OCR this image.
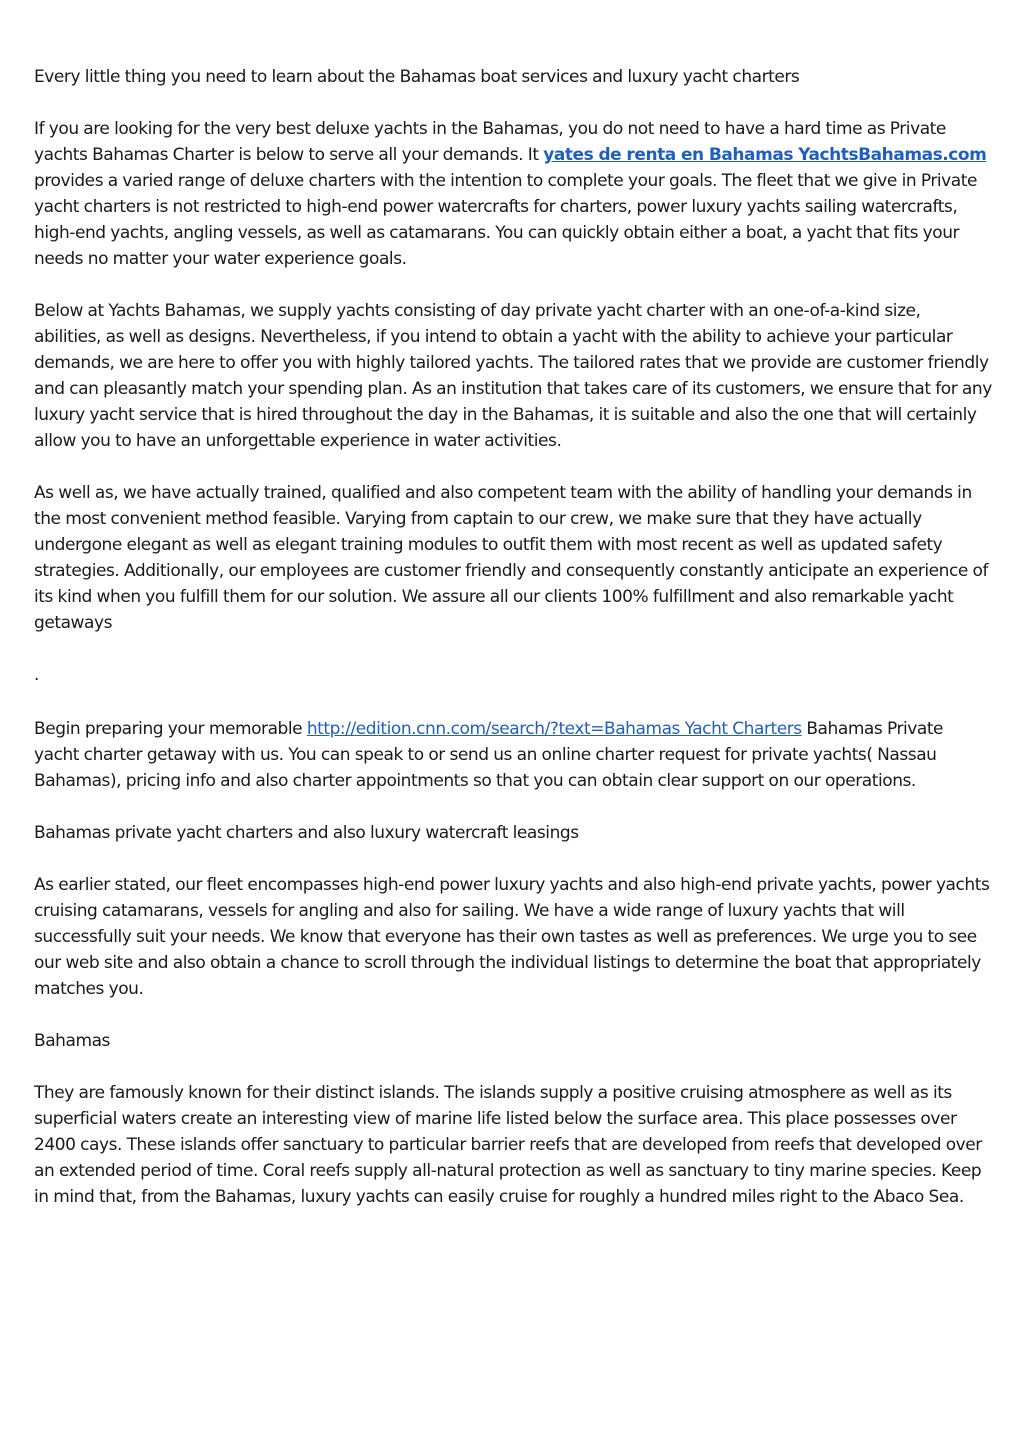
Every little thing you need to learn about the Bahamas boat services and luxury yacht charters

If you are looking for the very best deluxe yachts in the Bahamas, you do not need to have a hard time as Private yachts Bahamas Charter is below to serve all your demands. It yates de renta en Bahamas YachtsBahamas.com provides a varied range of deluxe charters with the intention to complete your goals. The fleet that we give in Private yacht charters is not restricted to high-end power watercrafts for charters, power luxury yachts sailing watercrafts, high-end yachts, angling vessels, as well as catamarans. You can quickly obtain either a boat, a yacht that fits your needs no matter your water experience goals.

Below at Yachts Bahamas, we supply yachts consisting of day private yacht charter with an one-of-a-kind size, abilities, as well as designs. Nevertheless, if you intend to obtain a yacht with the ability to achieve your particular demands, we are here to offer you with highly tailored yachts. The tailored rates that we provide are customer friendly and can pleasantly match your spending plan. As an institution that takes care of its customers, we ensure that for any luxury yacht service that is hired throughout the day in the Bahamas, it is suitable and also the one that will certainly allow you to have an unforgettable experience in water activities.

As well as, we have actually trained, qualified and also competent team with the ability of handling your demands in the most convenient method feasible. Varying from captain to our crew, we make sure that they have actually undergone elegant as well as elegant training modules to outfit them with most recent as well as updated safety strategies. Additionally, our employees are customer friendly and consequently constantly anticipate an experience of its kind when you fulfill them for our solution. We assure all our clients 100% fulfillment and also remarkable yacht getaways

.

Begin preparing your memorable http://edition.cnn.com/search/?text=Bahamas Yacht Charters Bahamas Private yacht charter getaway with us. You can speak to or send us an online charter request for private yachts( Nassau Bahamas), pricing info and also charter appointments so that you can obtain clear support on our operations.

Bahamas private yacht charters and also luxury watercraft leasings

As earlier stated, our fleet encompasses high-end power luxury yachts and also high-end private yachts, power yachts cruising catamarans, vessels for angling and also for sailing. We have a wide range of luxury yachts that will successfully suit your needs. We know that everyone has their own tastes as well as preferences. We urge you to see our web site and also obtain a chance to scroll through the individual listings to determine the boat that appropriately matches you.

Bahamas

They are famously known for their distinct islands. The islands supply a positive cruising atmosphere as well as its superficial waters create an interesting view of marine life listed below the surface area. This place possesses over 2400 cays. These islands offer sanctuary to particular barrier reefs that are developed from reefs that developed over an extended period of time. Coral reefs supply all-natural protection as well as sanctuary to tiny marine species. Keep in mind that, from the Bahamas, luxury yachts can easily cruise for roughly a hundred miles right to the Abaco Sea.
